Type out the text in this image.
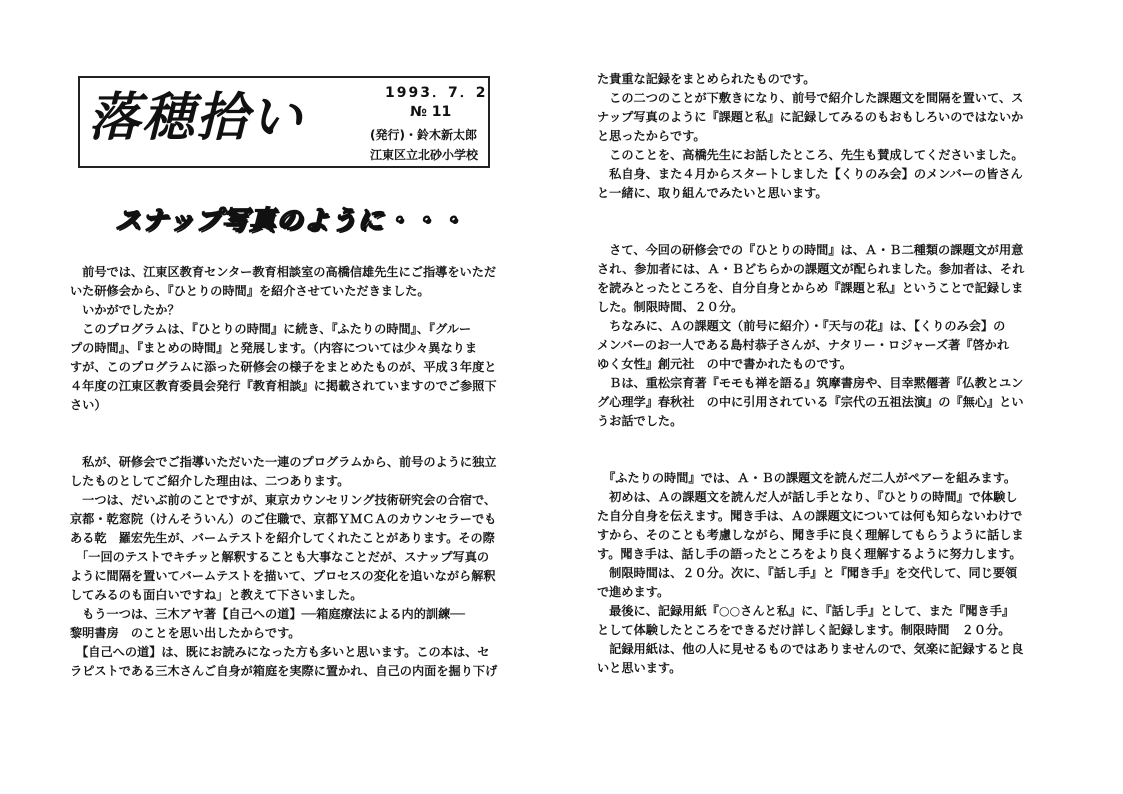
落穂拾い	1993．7．2
№ 11
(発行)・鈴木新太郎
江東区立北砂小学校
スナップ写真のように・・・

　前号では、江東区教育センター教育相談室の高橋信雄先生にご指導をいただ

いた研修会から、『ひとりの時間』を紹介させていただきました。

　いかがでしたか？

　このプログラムは、『ひとりの時間』に続き、『ふたりの時間』、『グルー

プの時間』、『まとめの時間』と発展します。（内容については少々異なりま

すが、このプログラムに添った研修会の様子をまとめたものが、平成３年度と

４年度の江東区教育委員会発行『教育相談』に掲載されていますのでご参照下

さい）

　私が、研修会でご指導いただいた一連のプログラムから、前号のように独立

したものとしてご紹介した理由は、二つあります。

　一つは、だいぶ前のことですが、東京カウンセリング技術研究会の合宿で、

京都・乾窓院（けんそういん）のご住職で、京都ＹＭＣＡのカウンセラーでも

ある乾　羅宏先生が、バームテストを紹介してくれたことがあります。その際

　「一回のテストでキチッと解釈することも大事なことだが、スナップ写真の

ように間隔を置いてバームテストを描いて、プロセスの変化を追いながら解釈

してみるのも面白いですね」と教えて下さいました。

　もう一つは、三木アヤ著【自己への道】──箱庭療法による内的訓練──

黎明書房　のことを思い出したからです。

　【自己への道】は、既にお読みになった方も多いと思います。この本は、セ

ラピストである三木さんご自身が箱庭を実際に置かれ、自己の内面を掘り下げ

た貴重な記録をまとめられたものです。

　この二つのことが下敷きになり、前号で紹介した課題文を間隔を置いて、ス

ナップ写真のように『課題と私』に記録してみるのもおもしろいのではないか

と思ったからです。

　このことを、高橋先生にお話したところ、先生も賛成してくださいました。

　私自身、また４月からスタートしました【くりのみ会】のメンバーの皆さん

と一緒に、取り組んでみたいと思います。

　さて、今回の研修会での『ひとりの時間』は、Ａ・Ｂ二種類の課題文が用意

され、参加者には、Ａ・Ｂどちらかの課題文が配られました。参加者は、それ

を読みとったところを、自分自身とからめ『課題と私』ということで記録しま

した。制限時間、２０分。

　ちなみに、Ａの課題文（前号に紹介）・『天与の花』は、【くりのみ会】の

メンバーのお一人である島村恭子さんが、ナタリー・ロジャーズ著『啓かれ

ゆく女性』創元社　の中で書かれたものです。

　Ｂは、重松宗育著『モモも禅を語る』筑摩書房や、目幸黙僊著『仏教とユン

グ心理学』春秋社　の中に引用されている『宗代の五祖法演』の『無心』とい

うお話でした。

　『ふたりの時間』では、Ａ・Ｂの課題文を読んだ二人がペアーを組みます。

　初めは、Ａの課題文を読んだ人が話し手となり、『ひとりの時間』で体験し

た自分自身を伝えます。聞き手は、Ａの課題文については何も知らないわけで

すから、そのことも考慮しながら、聞き手に良く理解してもらうように話しま

す。聞き手は、話し手の語ったところをより良く理解するように努力します。

　制限時間は、２０分。次に、『話し手』と『聞き手』を交代して、同じ要領

で進めます。

　最後に、記録用紙『○○さんと私』に、『話し手』として、また『聞き手』

として体験したところをできるだけ詳しく記録します。制限時間　２０分。

　記録用紙は、他の人に見せるものではありませんので、気楽に記録すると良

いと思います。
